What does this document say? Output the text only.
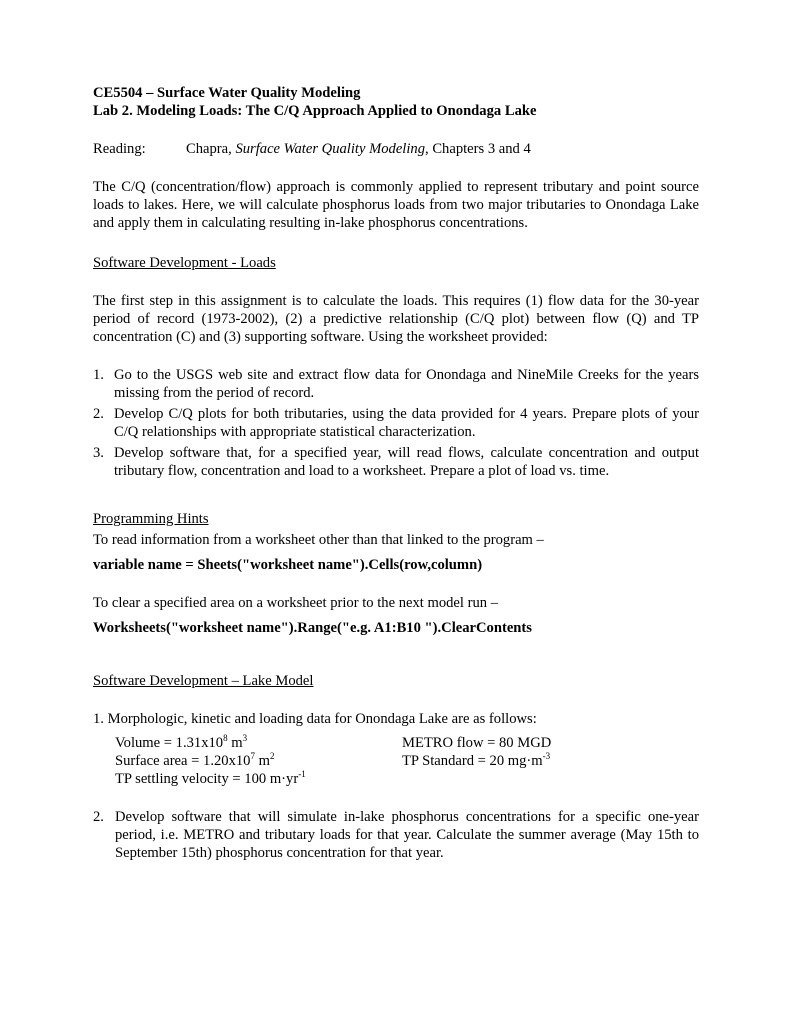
CE5504 – Surface Water Quality Modeling

Lab 2. Modeling Loads: The C/Q Approach Applied to Onondaga Lake

Reading:	Chapra, Surface Water Quality Modeling, Chapters 3 and 4

The C/Q (concentration/flow) approach is commonly applied to represent tributary and point source loads to lakes. Here, we will calculate phosphorus loads from two major tributaries to Onondaga Lake and apply them in calculating resulting in-lake phosphorus concentrations.

Software Development - Loads

The first step in this assignment is to calculate the loads. This requires (1) flow data for the 30-year period of record (1973-2002), (2) a predictive relationship (C/Q plot) between flow (Q) and TP concentration (C) and (3) supporting software. Using the worksheet provided:

1. Go to the USGS web site and extract flow data for Onondaga and NineMile Creeks for the years missing from the period of record.
2. Develop C/Q plots for both tributaries, using the data provided for 4 years. Prepare plots of your C/Q relationships with appropriate statistical characterization.
3. Develop software that, for a specified year, will read flows, calculate concentration and output tributary flow, concentration and load to a worksheet. Prepare a plot of load vs. time.

Programming Hints

To read information from a worksheet other than that linked to the program –

variable name = Sheets("worksheet name").Cells(row,column)

To clear a specified area on a worksheet prior to the next model run –

Worksheets("worksheet name").Range("e.g. A1:B10 ").ClearContents

Software Development – Lake Model

1. Morphologic, kinetic and loading data for Onondaga Lake are as follows:

Volume = $1.31x10^8$ $m^3$	METRO flow = 80 MGD
Surface area = $1.20x10^7$ $m^2$	TP Standard = 20 $mg\cdot m^{-3}$
TP settling velocity = 100 $m\cdot yr^{-1}$
2. Develop software that will simulate in-lake phosphorus concentrations for a specific one-year period, i.e. METRO and tributary loads for that year. Calculate the summer average (May 15th to September 15th) phosphorus concentration for that year.
